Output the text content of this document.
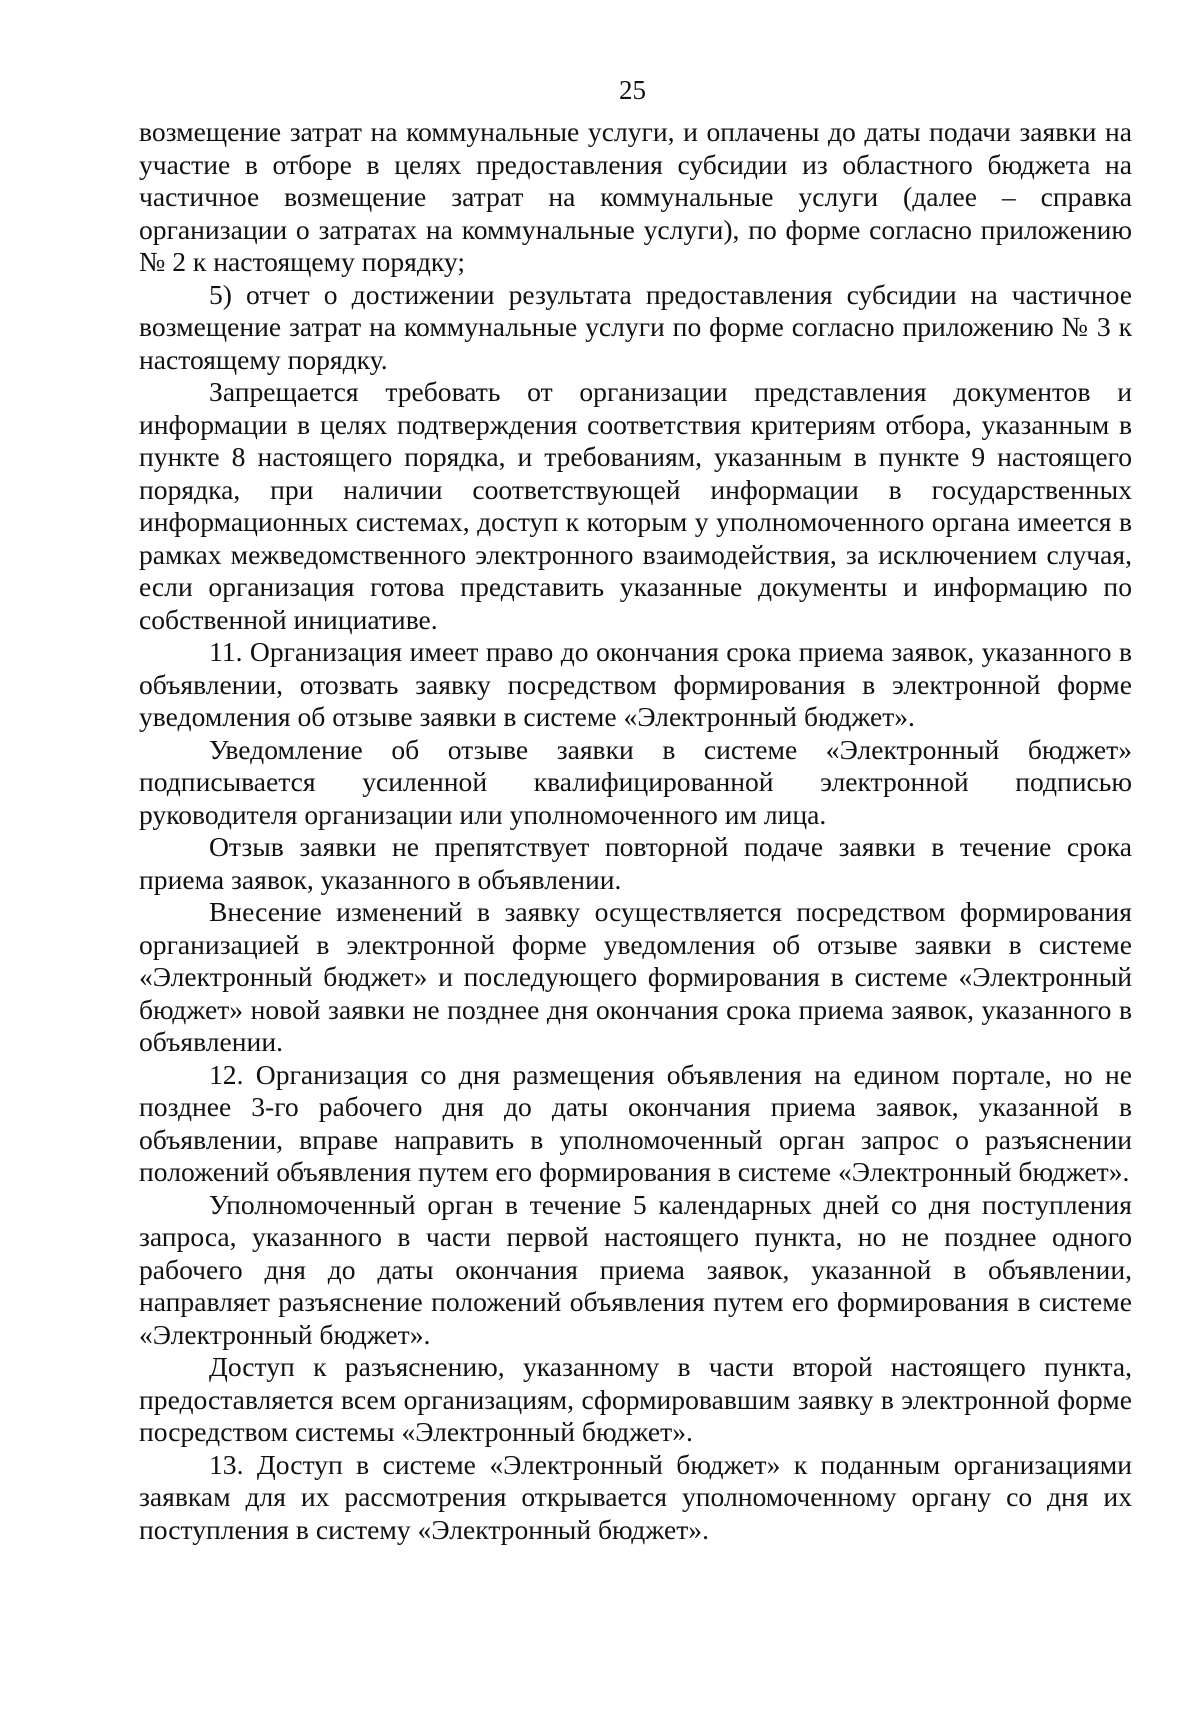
25

возмещение затрат на коммунальные услуги, и оплачены до даты подачи заявки на участие в отборе в целях предоставления субсидии из областного бюджета на частичное возмещение затрат на коммунальные услуги (далее – справка организации о затратах на коммунальные услуги), по форме согласно приложению № 2 к настоящему порядку;

5) отчет о достижении результата предоставления субсидии на частичное возмещение затрат на коммунальные услуги по форме согласно приложению № 3 к настоящему порядку.

Запрещается требовать от организации представления документов и информации в целях подтверждения соответствия критериям отбора, указанным в пункте 8 настоящего порядка, и требованиям, указанным в пункте 9 настоящего порядка, при наличии соответствующей информации в государственных информационных системах, доступ к которым у уполномоченного органа имеется в рамках межведомственного электронного взаимодействия, за исключением случая, если организация готова представить указанные документы и информацию по собственной инициативе.

11. Организация имеет право до окончания срока приема заявок, указанного в объявлении, отозвать заявку посредством формирования в электронной форме уведомления об отзыве заявки в системе «Электронный бюджет».

Уведомление об отзыве заявки в системе «Электронный бюджет» подписывается усиленной квалифицированной электронной подписью руководителя организации или уполномоченного им лица.

Отзыв заявки не препятствует повторной подаче заявки в течение срока приема заявок, указанного в объявлении.

Внесение изменений в заявку осуществляется посредством формирования организацией в электронной форме уведомления об отзыве заявки в системе «Электронный бюджет» и последующего формирования в системе «Электронный бюджет» новой заявки не позднее дня окончания срока приема заявок, указанного в объявлении.

12. Организация со дня размещения объявления на едином портале, но не позднее 3-го рабочего дня до даты окончания приема заявок, указанной в объявлении, вправе направить в уполномоченный орган запрос о разъяснении положений объявления путем его формирования в системе «Электронный бюджет».

Уполномоченный орган в течение 5 календарных дней со дня поступления запроса, указанного в части первой настоящего пункта, но не позднее одного рабочего дня до даты окончания приема заявок, указанной в объявлении, направляет разъяснение положений объявления путем его формирования в системе «Электронный бюджет».

Доступ к разъяснению, указанному в части второй настоящего пункта, предоставляется всем организациям, сформировавшим заявку в электронной форме посредством системы «Электронный бюджет».

13. Доступ в системе «Электронный бюджет» к поданным организациями заявкам для их рассмотрения открывается уполномоченному органу со дня их поступления в систему «Электронный бюджет».
